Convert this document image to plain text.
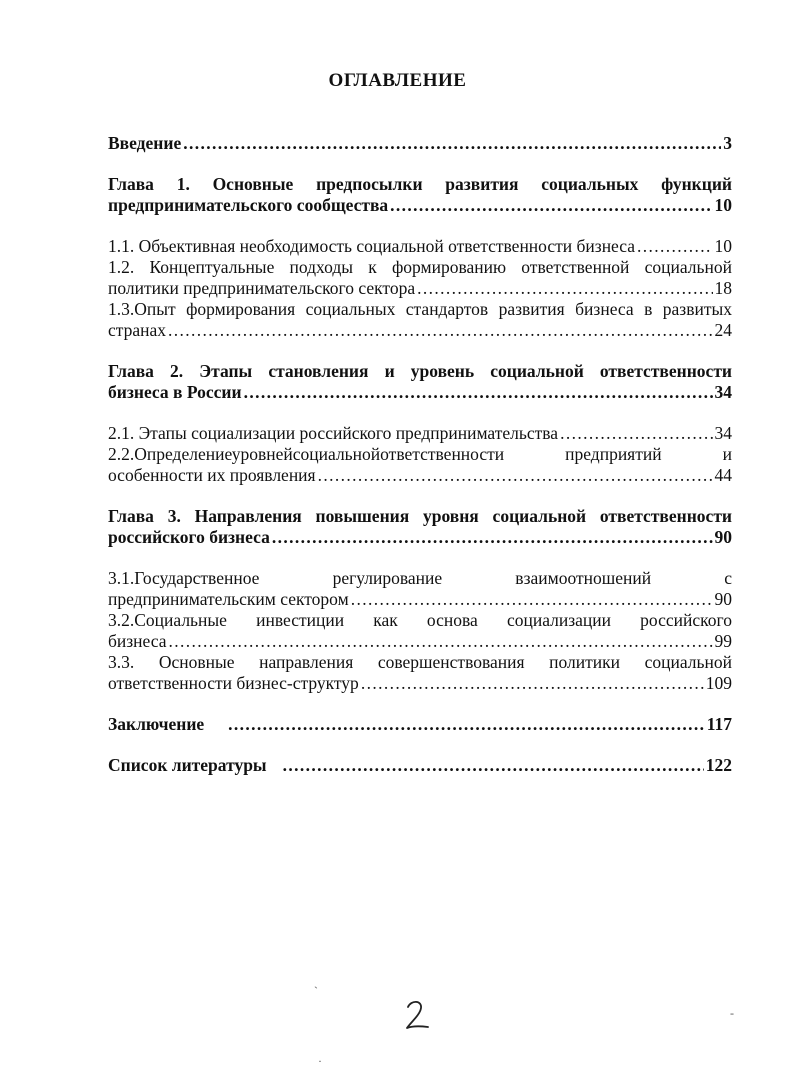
ОГЛАВЛЕНИЕ
Введение . . .	3
Глава 1. Основные предпосылки развития социальных функций
предпринимательского сообщества . . .	10
1.1. Объективная необходимость социальной ответственности бизнеса . . .	10
1.2. Концептуальные подходы к формированию ответственной социальной
политики предпринимательского сектора . . .	18
1.3.Опыт формирования социальных стандартов развития бизнеса в развитых
странах . . .	24
Глава 2. Этапы становления и уровень социальной ответственности
бизнеса в России . . .	34
2.1. Этапы социализации российского предпринимательства . . .	34
2.2.Определениеуровнейсоциальнойответственности предприятий и
особенности их проявления . . .	44
Глава 3. Направления повышения уровня социальной ответственности
российского бизнеса . . .	90
3.1.Государственное регулирование взаимоотношений с
предпринимательским сектором . . .	90
3.2.Социальные инвестиции как основа социализации российского
бизнеса . . .	99
3.3. Основные направления совершенствования политики социальной
ответственности бизнес-структур . . .	109
Заключение . . .	117
Список литературы . . .	122
`
-
·
